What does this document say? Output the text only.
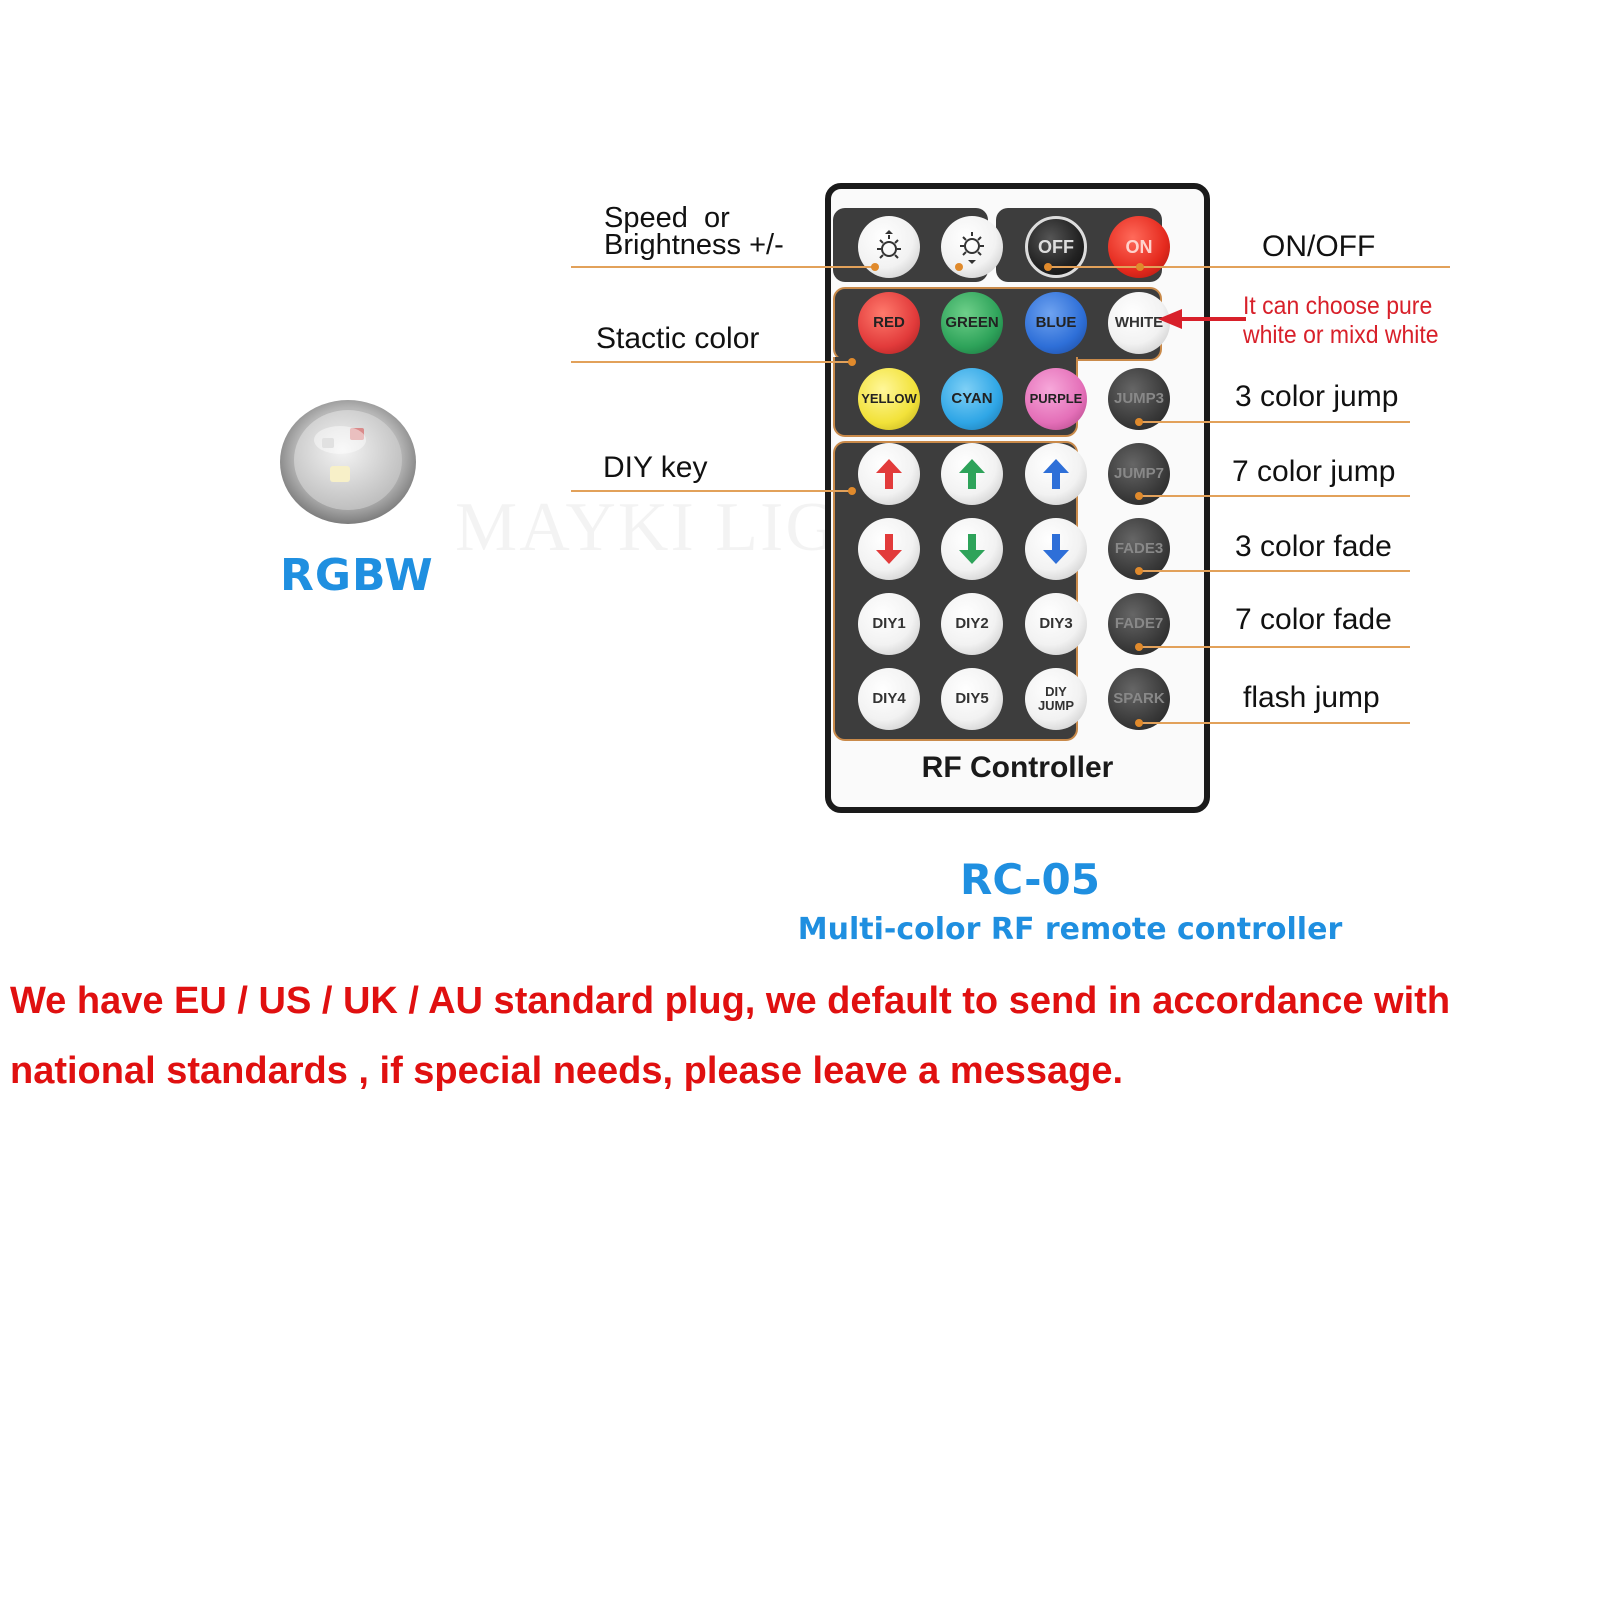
RGBW
RF Controller
OFF	ON
RED	GREEN BLUE	WHITE
YELLOW CYAN	PURPLE
DIY1	DIY2	DIY3
DIY4	DIY5	DIY JUMP
JUMP3
JUMP7
FADE3
FADE7
SPARK
Speed  or
Brightness +/-	ON/OFF
Stactic color
It can choose pure
white or mixd white
DIY key
3 color jump
7 color jump
3 color fade
7 color fade
flash jump
RC-05
Multi-color RF remote controller
We have EU / US / UK / AU standard plug, we default to send in accordance with
national standards , if special needs, please leave a message.
